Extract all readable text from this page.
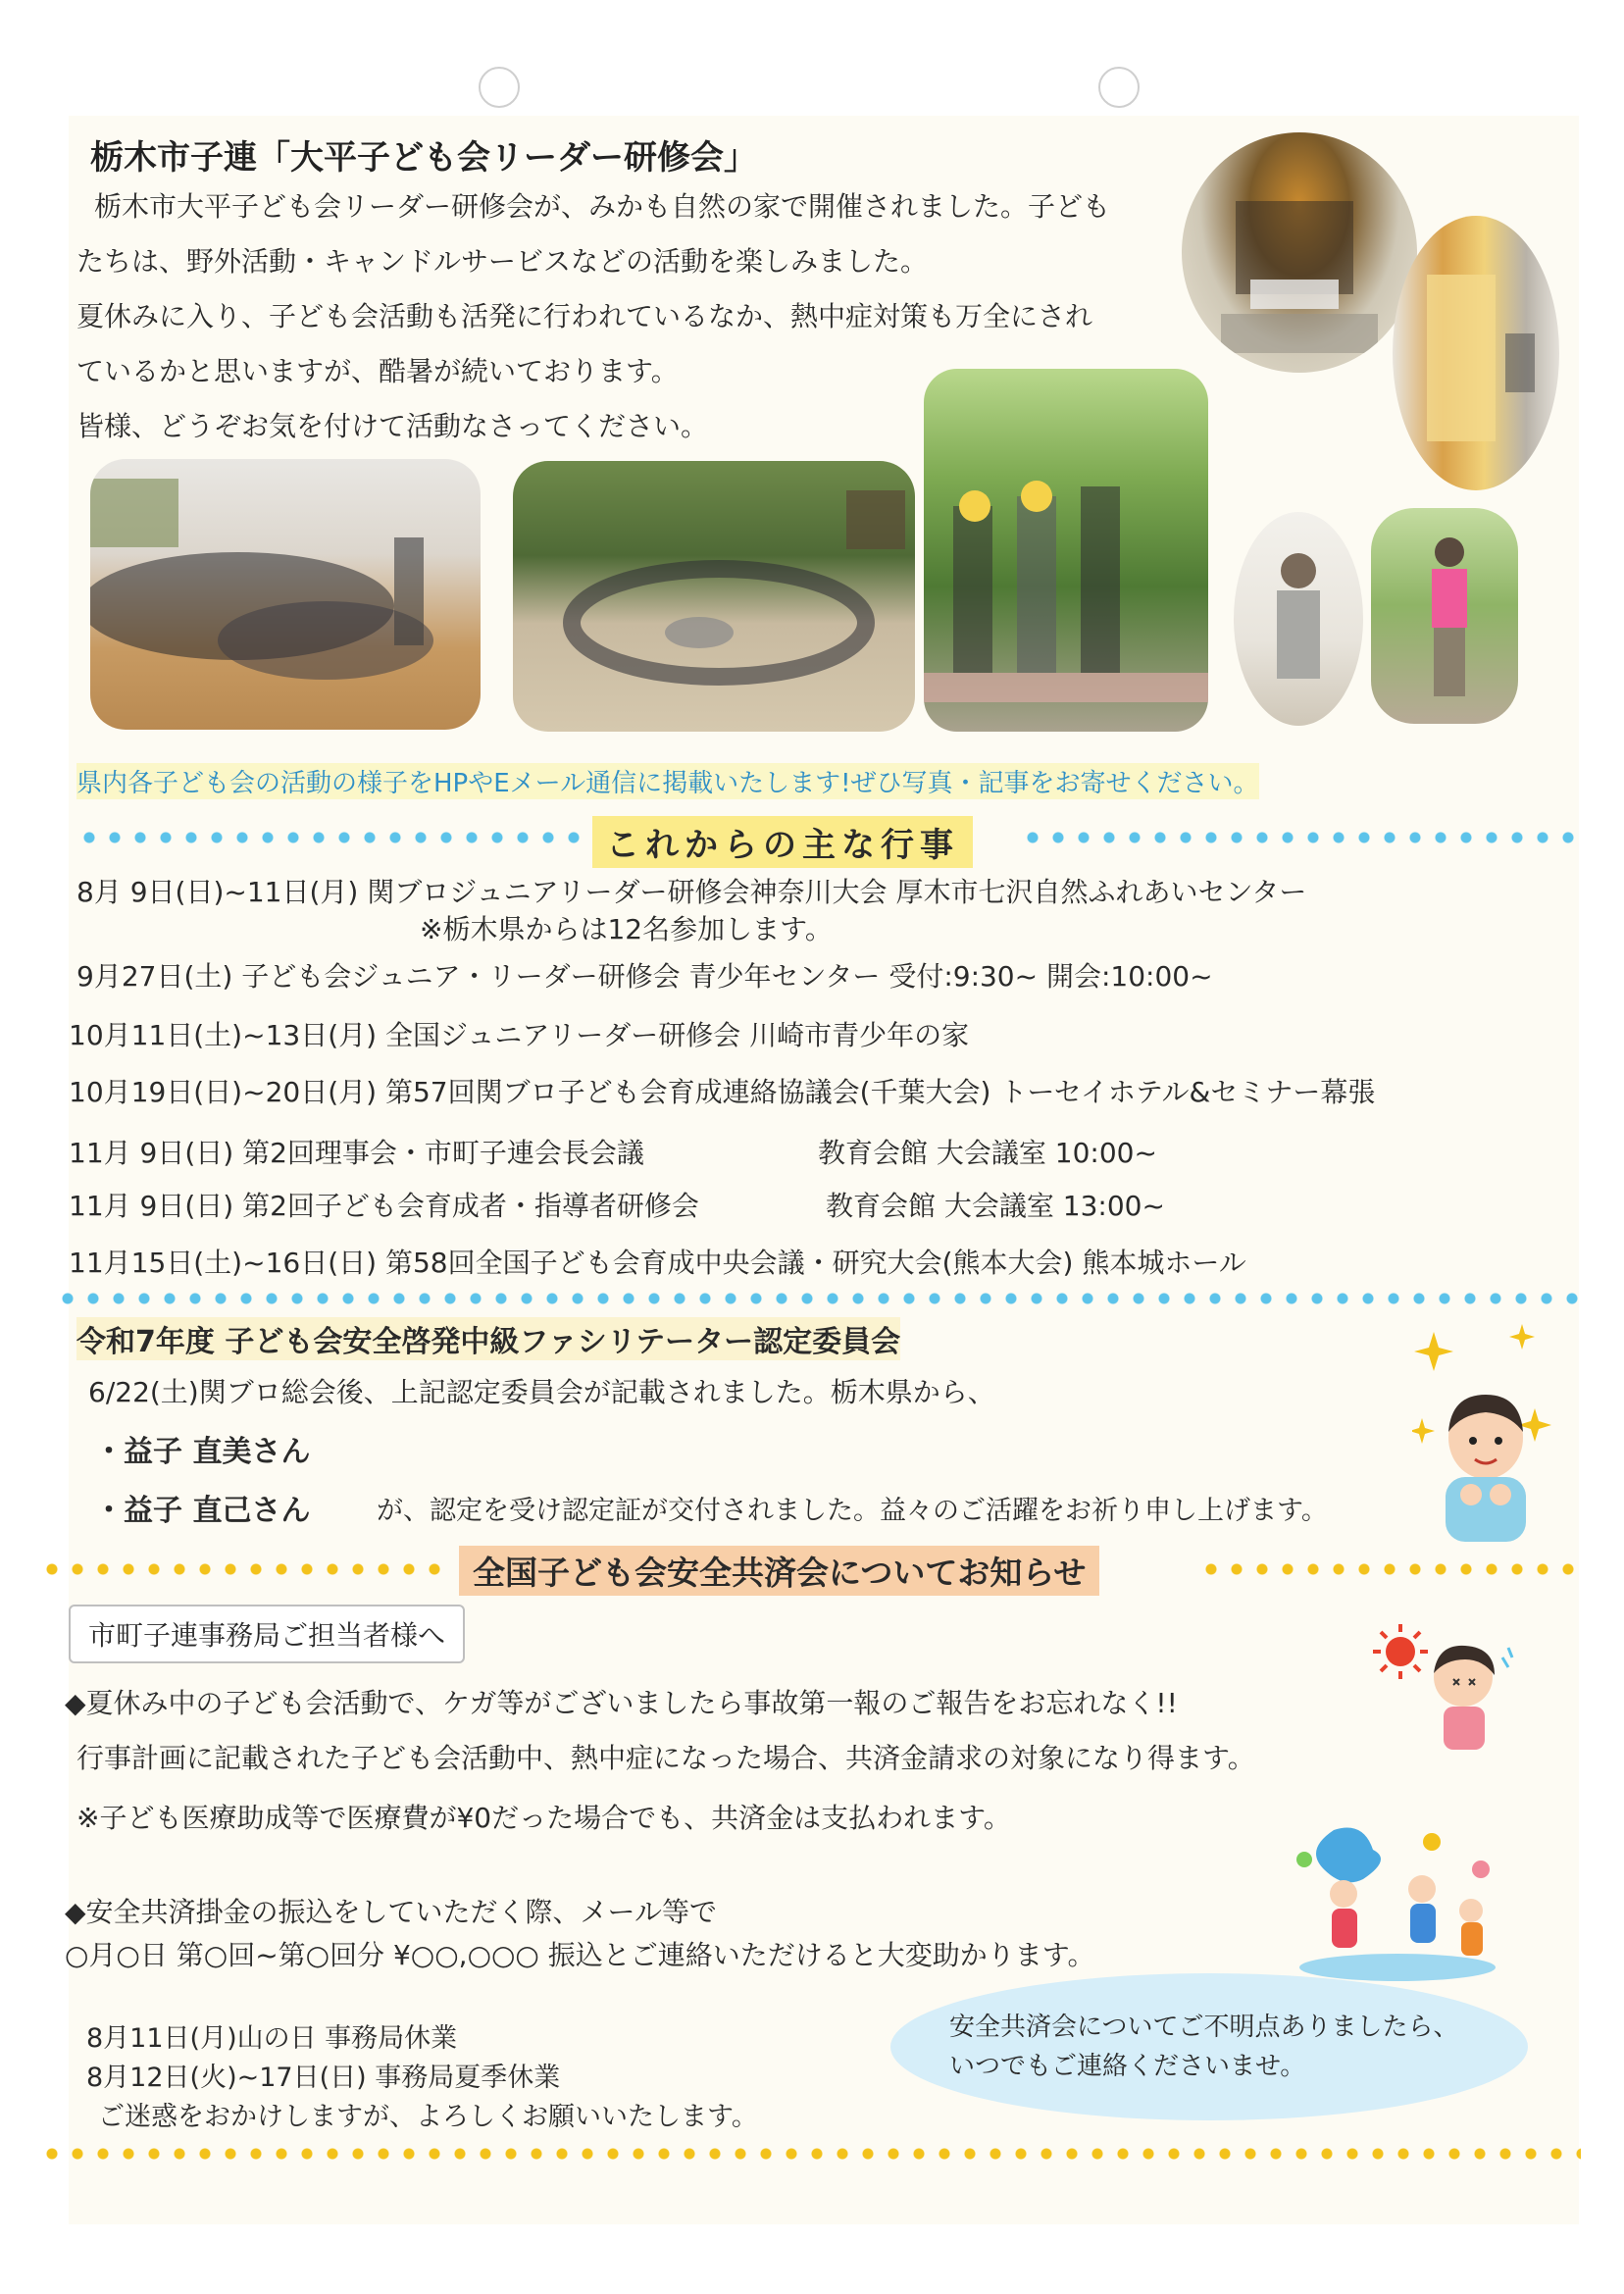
栃木市子連「大平子ども会リーダー研修会」
栃木市大平子ども会リーダー研修会が、みかも自然の家で開催されました。子ども
たちは、野外活動・キャンドルサービスなどの活動を楽しみました。
夏休みに入り、子ども会活動も活発に行われているなか、熱中症対策も万全にされ
ているかと思いますが、酷暑が続いております。
皆様、どうぞお気を付けて活動なさってください。
県内各子ども会の活動の様子をHPやEメール通信に掲載いたします!ぜひ写真・記事をお寄せください。
これからの主な行事
8月 9日(日)~11日(月) 関ブロジュニアリーダー研修会神奈川大会 厚木市七沢自然ふれあいセンター
※栃木県からは12名参加します。
9月27日(土) 子ども会ジュニア・リーダー研修会 青少年センター 受付:9:30~ 開会:10:00~
10月11日(土)~13日(月) 全国ジュニアリーダー研修会 川崎市青少年の家
10月19日(日)~20日(月) 第57回関ブロ子ども会育成連絡協議会(千葉大会) トーセイホテル&セミナー幕張
11月 9日(日) 第2回理事会・市町子連会長会議	教育会館 大会議室 10:00~
11月 9日(日) 第2回子ども会育成者・指導者研修会	教育会館 大会議室 13:00~
11月15日(土)~16日(日) 第58回全国子ども会育成中央会議・研究大会(熊本大会) 熊本城ホール
令和7年度 子ども会安全啓発中級ファシリテーター認定委員会
6/22(土)関ブロ総会後、上記認定委員会が記載されました。栃木県から、
・益子 直美さん
・益子 直己さん	が、認定を受け認定証が交付されました。益々のご活躍をお祈り申し上げます。
全国子ども会安全共済会についてお知らせ
市町子連事務局ご担当者様へ
◆夏休み中の子ども会活動で、ケガ等がございましたら事故第一報のご報告をお忘れなく!!
行事計画に記載された子ども会活動中、熱中症になった場合、共済金請求の対象になり得ます。
※子ども医療助成等で医療費が¥0だった場合でも、共済金は支払われます。
◆安全共済掛金の振込をしていただく際、メール等で
○月○日 第○回~第○回分 ¥○○,○○○ 振込とご連絡いただけると大変助かります。
8月11日(月)山の日 事務局休業
8月12日(火)~17日(日) 事務局夏季休業
ご迷惑をおかけしますが、よろしくお願いいたします。
安全共済会についてご不明点ありましたら、
いつでもご連絡くださいませ。
